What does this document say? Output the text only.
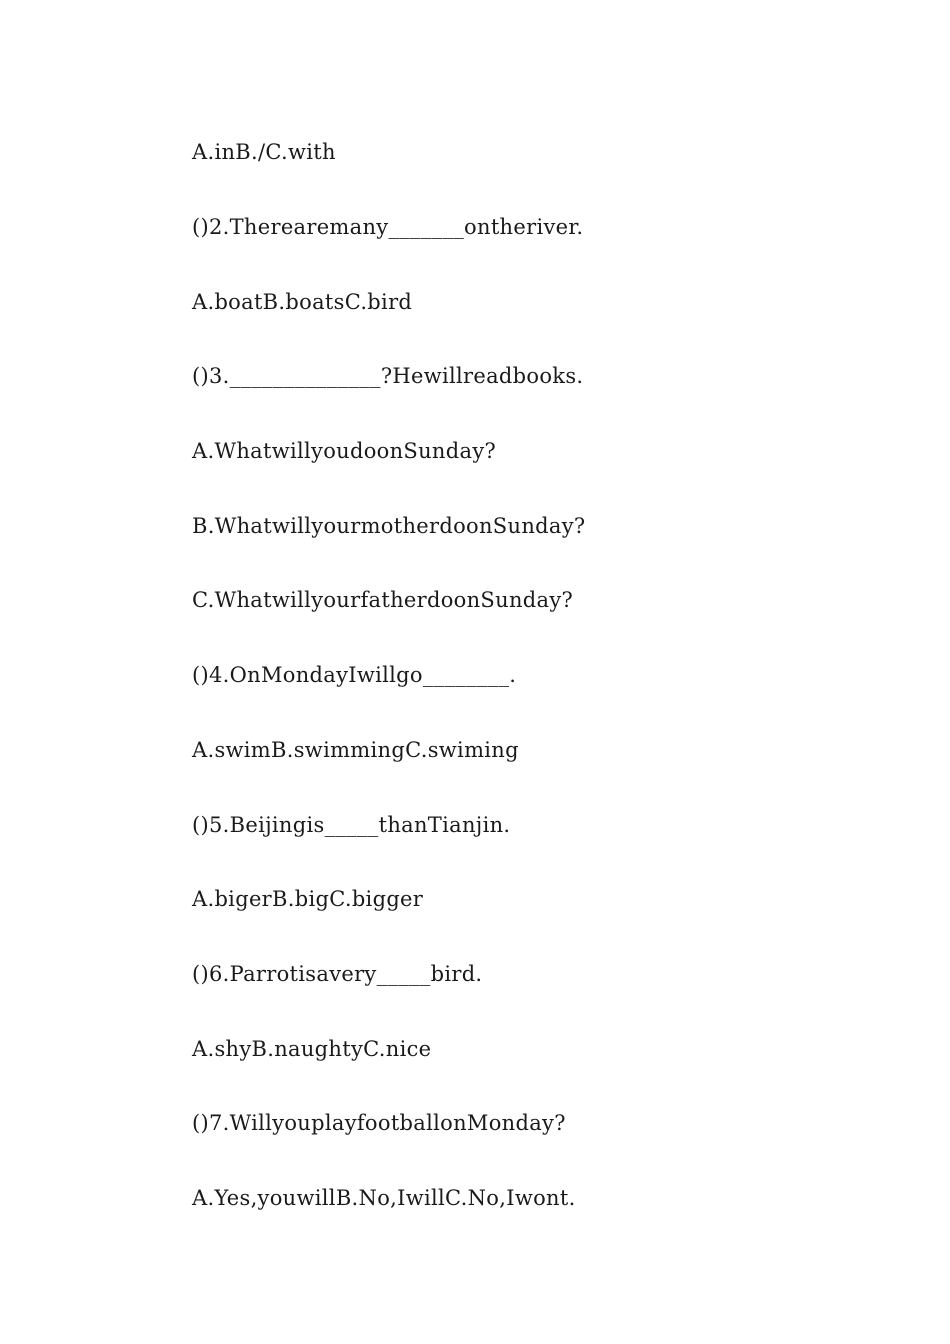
A.inB./C.with
()2.Therearemany_______ontheriver.
A.boatB.boatsC.bird
()3.______________?Hewillreadbooks.
A.WhatwillyoudoonSunday?
B.WhatwillyourmotherdoonSunday?
C.WhatwillyourfatherdoonSunday?
()4.OnMondayIwillgo________.
A.swimB.swimmingC.swiming
()5.Beijingis_____thanTianjin.
A.bigerB.bigC.bigger
()6.Parrotisavery_____bird.
A.shyB.naughtyC.nice
()7.WillyouplayfootballonMonday?
A.Yes,youwillB.No,IwillC.No,Iwont.
